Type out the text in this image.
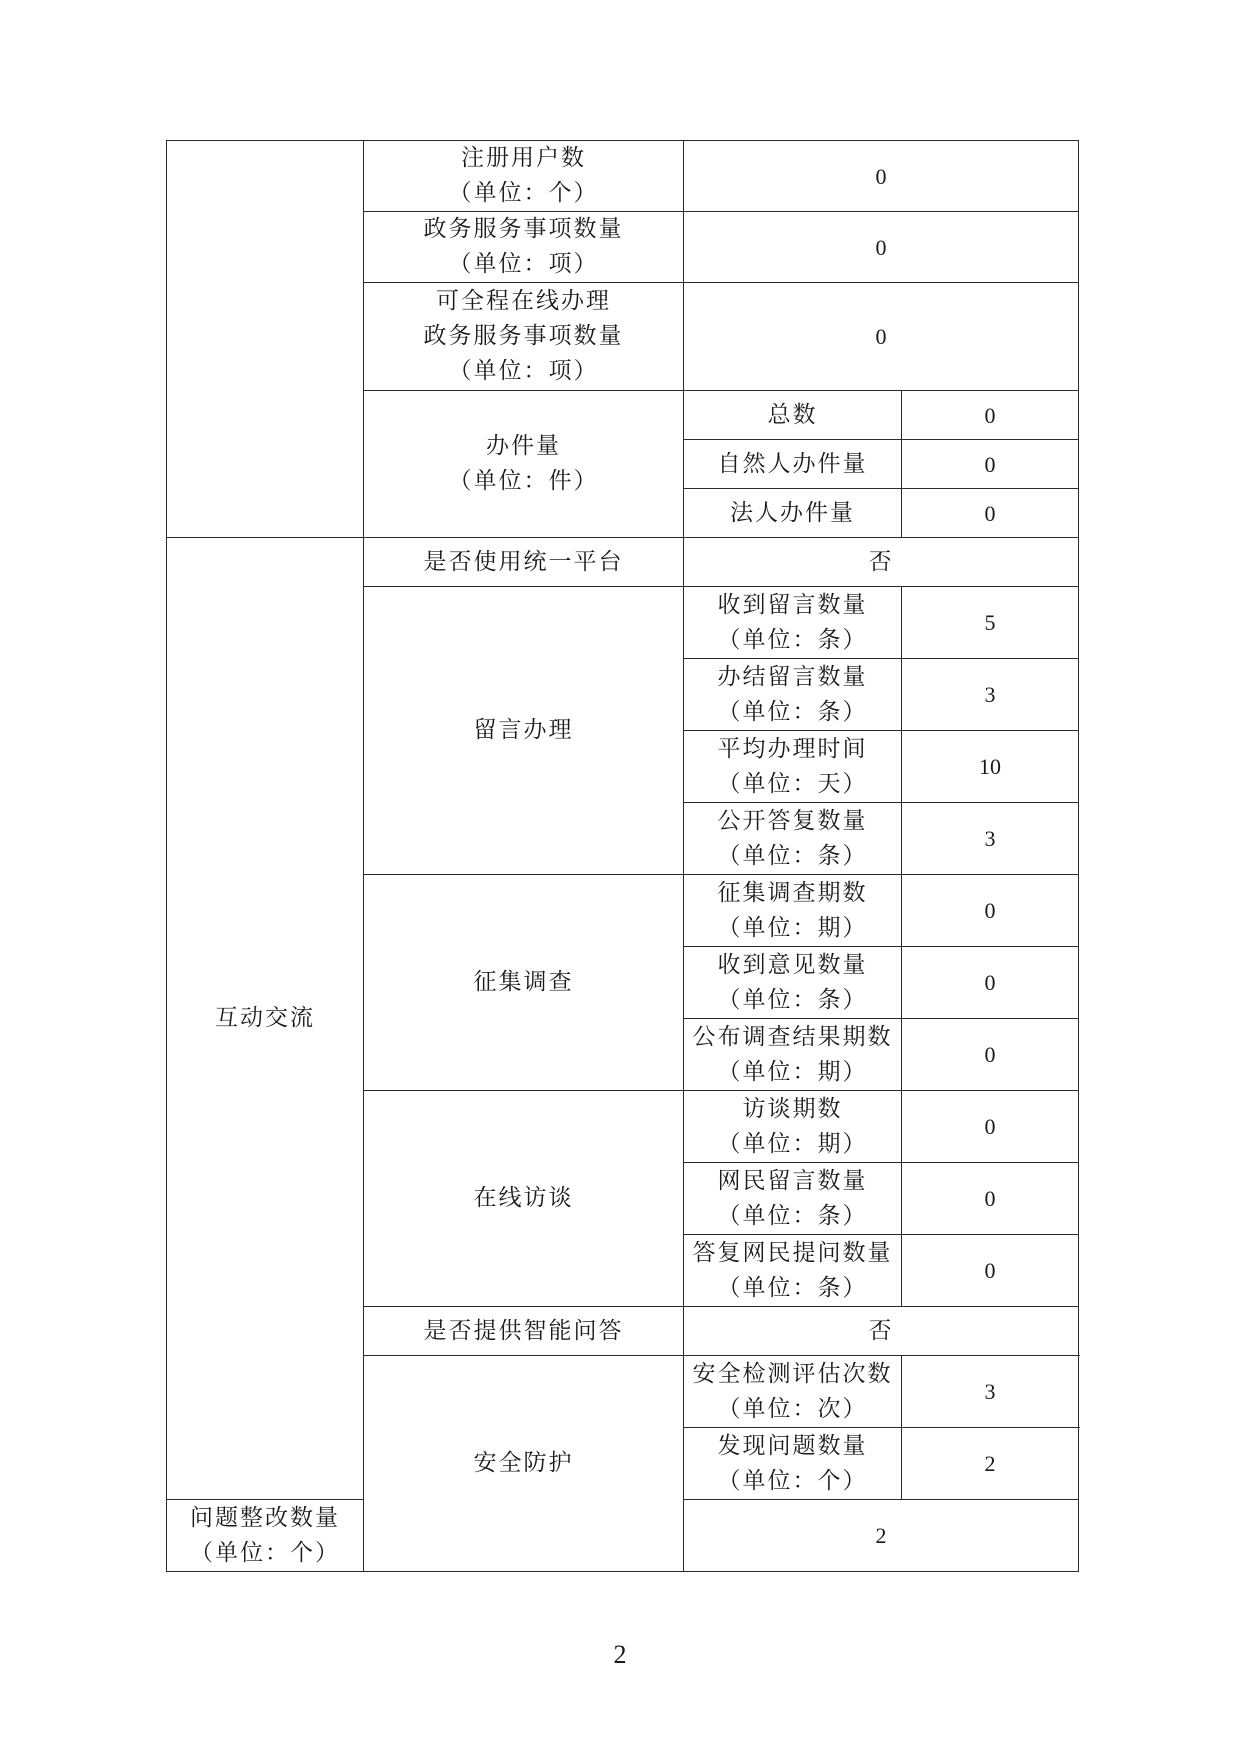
	注册用户数
（单位：个）	0	

	政务服务事项数量
（单位：项）	0	

	可全程在线办理
政务服务事项数量
（单位：项）	0	

	办件量
（单位：件）	总数	0
		自然人办件量	0
		法人办件量	0

互动交流	是否使用统一平台	否	
	留言办理	收到留言数量
（单位：条）	5

		办结留言数量
（单位：条）	3

		平均办理时间
（单位：天）	10

		公开答复数量
（单位：条）	3
	征集调查	征集调查期数
（单位：期）	0

		收到意见数量
（单位：条）	0

		公布调查结果期数
（单位：期）	0
	在线访谈	访谈期数
（单位：期）	0

		网民留言数量
（单位：条）	0

		答复网民提问数量
（单位：条）	0
	是否提供智能问答	否	

	安全防护	安全检测评估次数
（单位：次）	3

		发现问题数量
（单位：个）	2

问题整改数量
（单位：个）		2	
2
